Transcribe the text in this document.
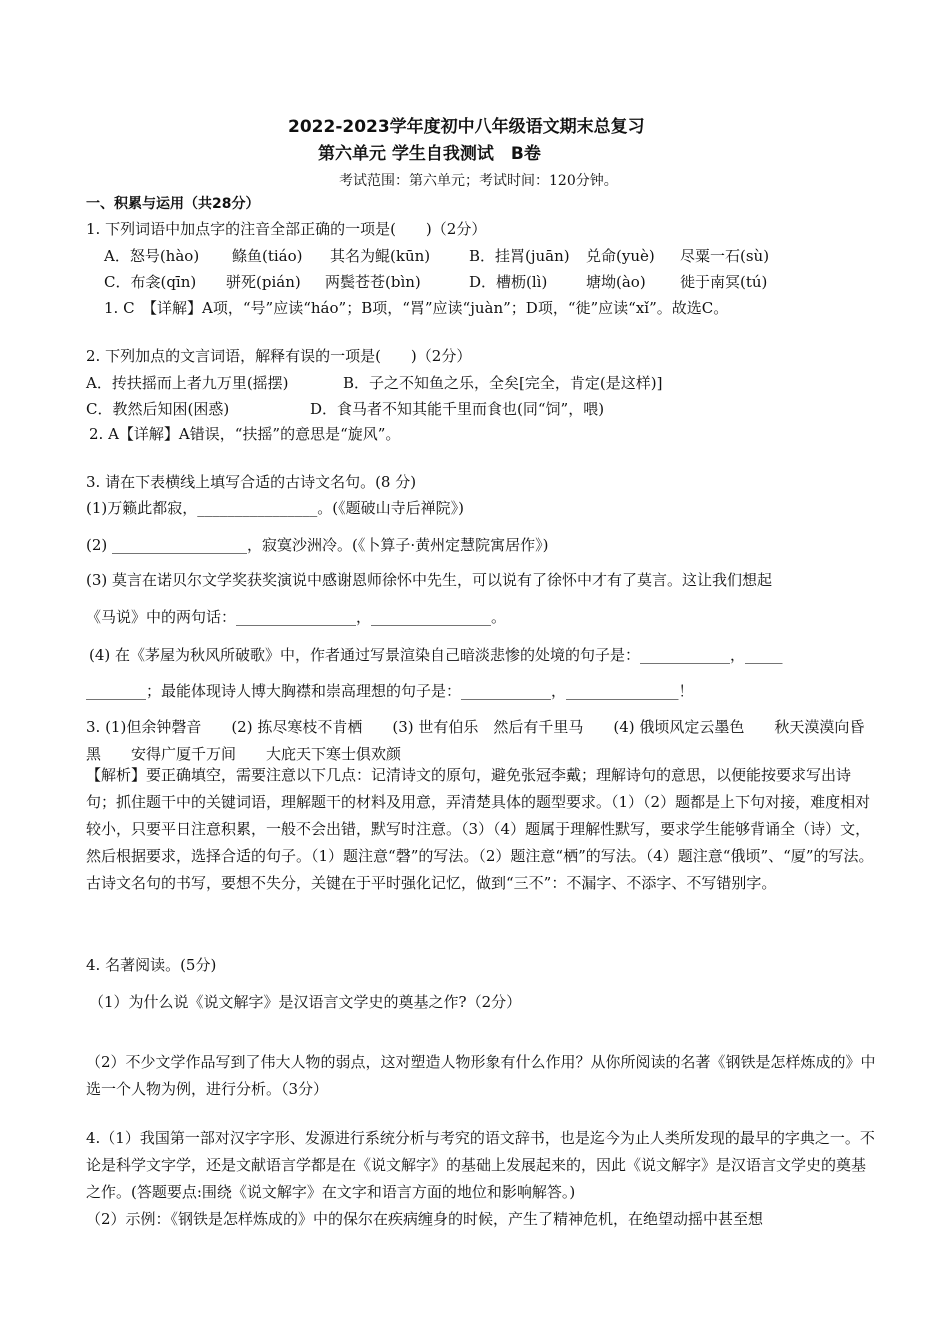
2022-2023学年度初中八年级语文期末总复习
第六单元 学生自我测试　B卷
考试范围：第六单元；考试时间：120分钟。
一、积累与运用（共28分）
1. 下列词语中加点字的注音全部正确的一项是(　　)（2分）
A．怒号(hào) 鲦鱼(tiáo) 其名为鲲(kūn)	B．挂罥(juān) 兑命(yuè) 尽粟一石(sù)
C．布衾(qīn) 骈死(pián) 两鬓苍苍(bìn)	D．槽枥(lì)	塘坳(ào) 徙于南冥(tú)
1. C　【详解】A项，“号”应读“háo”；B项，“罥”应读“juàn”；D项，“徙”应读“xǐ”。故选C。
2. 下列加点的文言词语，解释有误的一项是(　　)（2分）
A．抟扶摇而上者九万里(摇摆)	B．子之不知鱼之乐，全矣[完全，肯定(是这样)]
C．教然后知困(困惑)	D．食马者不知其能千里而食也(同“饲”，喂)
2. A【详解】A错误，“扶摇”的意思是“旋风”。
3. 请在下表横线上填写合适的古诗文名句。(8 分)
(1)万籁此都寂，________________。(《题破山寺后禅院》)
(2) __________________，寂寞沙洲冷。(《卜算子·黄州定慧院寓居作》)
(3) 莫言在诺贝尔文学奖获奖演说中感谢恩师徐怀中先生，可以说有了徐怀中才有了莫言。这让我们想起
《马说》中的两句话：________________，________________。
(4) 在《茅屋为秋风所破歌》中，作者通过写景渲染自己暗淡悲惨的处境的句子是：____________，_____
________；最能体现诗人博大胸襟和崇高理想的句子是：____________，_______________！
3. (1)但余钟磬音　　(2) 拣尽寒枝不肯栖　　(3) 世有伯乐　然后有千里马　　(4) 俄顷风定云墨色　　秋天漠漠向昏黑　　安得广厦千万间　　大庇天下寒士俱欢颜
【解析】要正确填空，需要注意以下几点：记清诗文的原句，避免张冠李戴；理解诗句的意思，以便能按要求写出诗句；抓住题干中的关键词语，理解题干的材料及用意，弄清楚具体的题型要求。（1）（2）题都是上下句对接，难度相对较小，只要平日注意积累，一般不会出错，默写时注意。（3）（4）题属于理解性默写，要求学生能够背诵全（诗）文，然后根据要求，选择合适的句子。（1）题注意“磬”的写法。（2）题注意“栖”的写法。（4）题注意“俄顷”、“厦”的写法。古诗文名句的书写，要想不失分，关键在于平时强化记忆，做到“三不”：不漏字、不添字、不写错别字。
4. 名著阅读。(5分)
（1）为什么说《说文解字》是汉语言文学史的奠基之作?（2分）
（2）不少文学作品写到了伟大人物的弱点，这对塑造人物形象有什么作用？从你所阅读的名著《钢铁是怎样炼成的》中选一个人物为例，进行分析。（3分）
4.（1）我国第一部对汉字字形、发源进行系统分析与考究的语文辞书，也是迄今为止人类所发现的最早的字典之一。不论是科学文字学，还是文献语言学都是在《说文解字》的基础上发展起来的，因此《说文解字》是汉语言文学史的奠基之作。(答题要点:围绕《说文解字》在文字和语言方面的地位和影响解答。)
（2）示例：《钢铁是怎样炼成的》中的保尔在疾病缠身的时候，产生了精神危机，在绝望动摇中甚至想
